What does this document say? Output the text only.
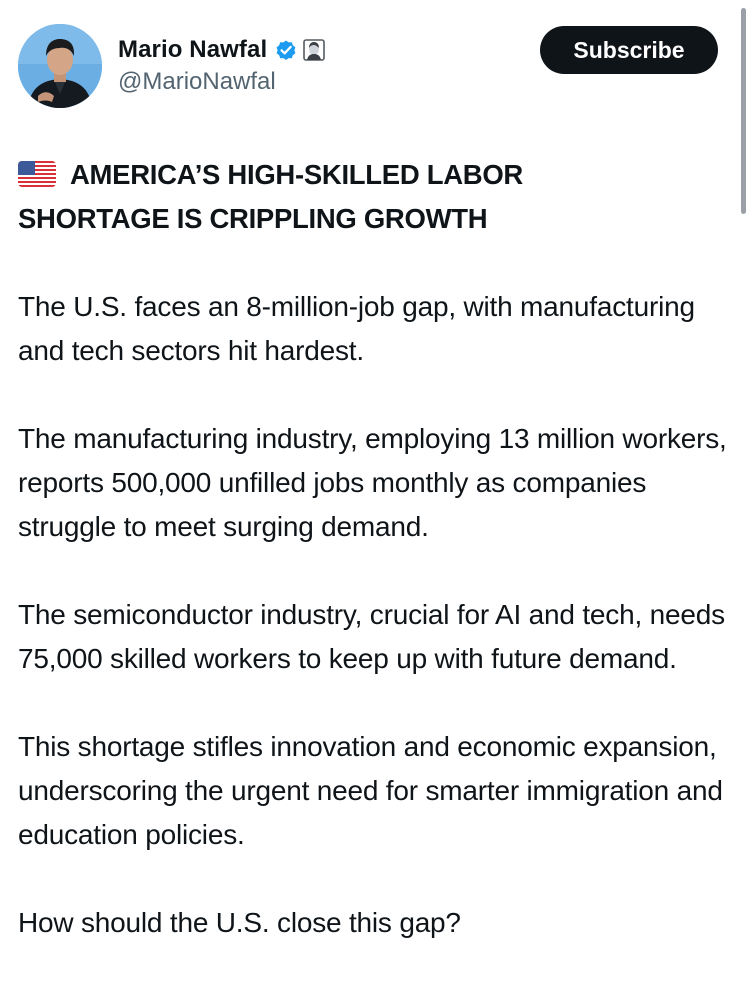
Mario Nawfal
@MarioNawfal
Subscribe
AMERICA’S HIGH-SKILLED LABOR
SHORTAGE IS CRIPPLING GROWTH

The U.S. faces an 8-million-job gap, with manufacturing and tech sectors hit hardest.

The manufacturing industry, employing 13 million workers, reports 500,000 unfilled jobs monthly as companies struggle to meet surging demand.

The semiconductor industry, crucial for AI and tech, needs 75,000 skilled workers to keep up with future demand.

This shortage stifles innovation and economic expansion, underscoring the urgent need for smarter immigration and education policies.

How should the U.S. close this gap?
